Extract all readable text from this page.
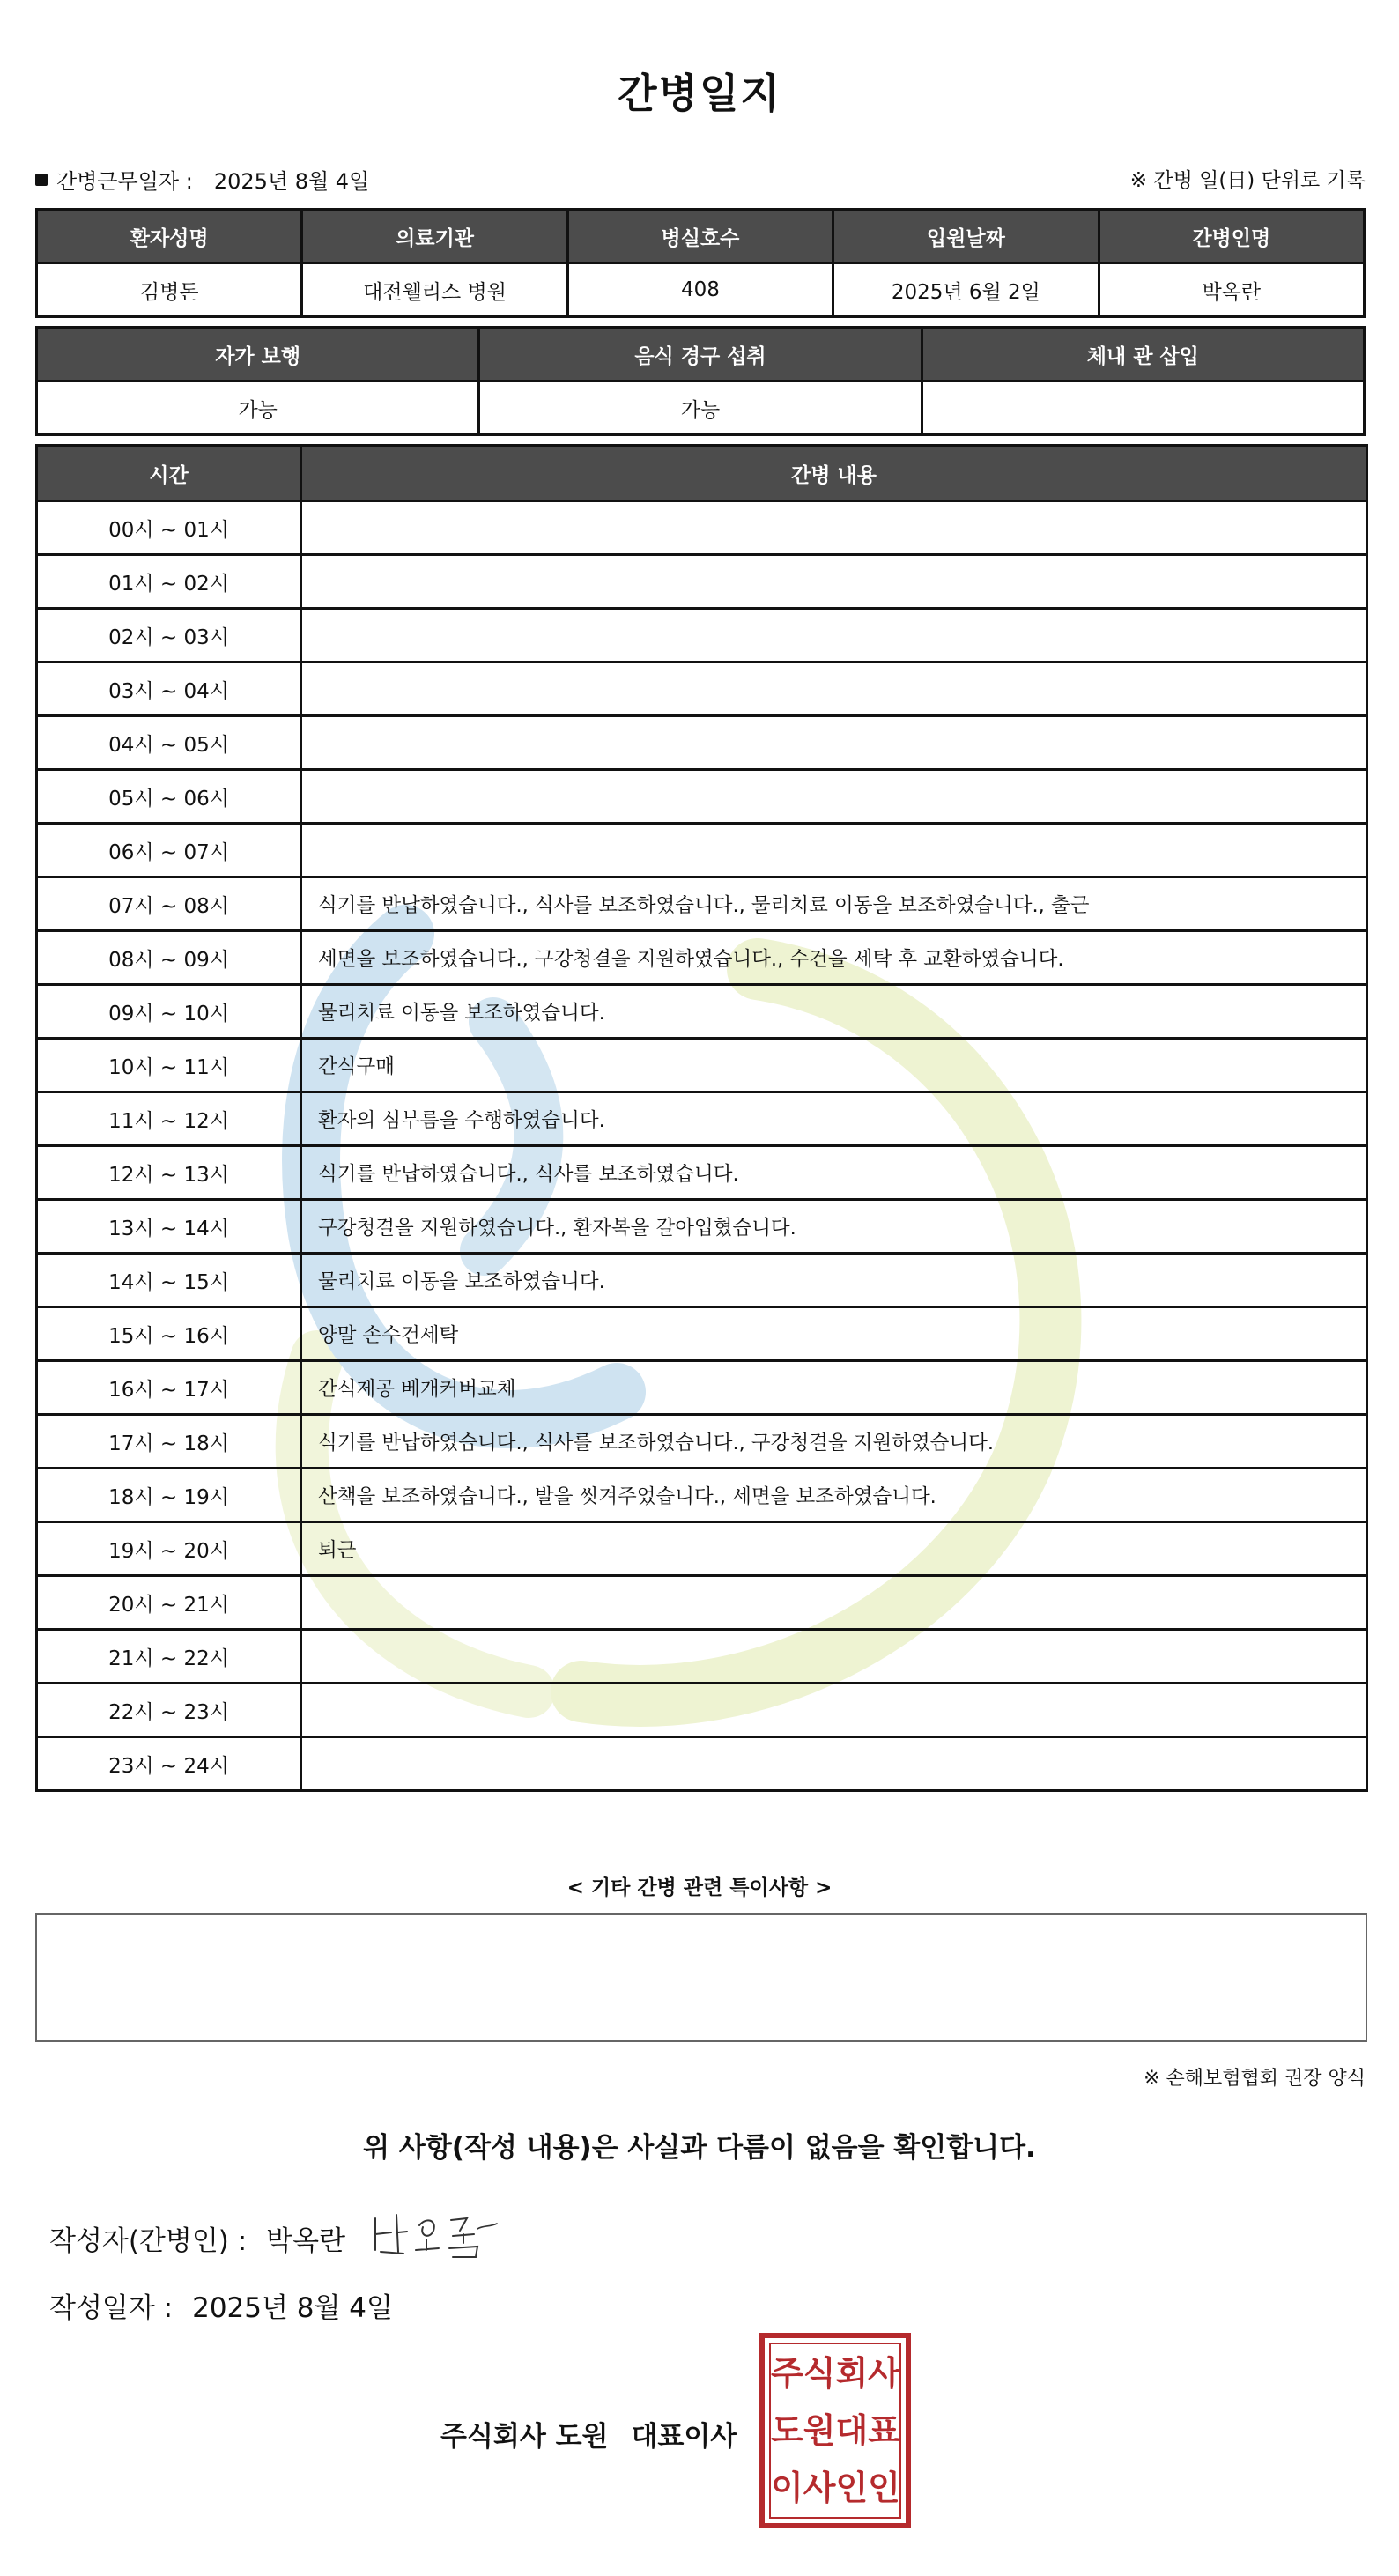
간병일지
간병근무일자 : 2025년 8월 4일	※ 간병 일(日) 단위로 기록
환자성명	의료기관	병실호수	입원날짜	간병인명
김병돈	대전웰리스 병원	408	2025년 6월 2일	박옥란
자가 보행	음식 경구 섭취	체내 관 삽입
가능	가능	
시간	간병 내용
00시 ~ 01시	
01시 ~ 02시	
02시 ~ 03시	
03시 ~ 04시	
04시 ~ 05시	
05시 ~ 06시	
06시 ~ 07시	
07시 ~ 08시	식기를 반납하였습니다., 식사를 보조하였습니다., 물리치료 이동을 보조하였습니다., 출근
08시 ~ 09시	세면을 보조하였습니다., 구강청결을 지원하였습니다., 수건을 세탁 후 교환하였습니다.
09시 ~ 10시	물리치료 이동을 보조하였습니다.
10시 ~ 11시	간식구매
11시 ~ 12시	환자의 심부름을 수행하였습니다.
12시 ~ 13시	식기를 반납하였습니다., 식사를 보조하였습니다.
13시 ~ 14시	구강청결을 지원하였습니다., 환자복을 갈아입혔습니다.
14시 ~ 15시	물리치료 이동을 보조하였습니다.
15시 ~ 16시	양말 손수건세탁
16시 ~ 17시	간식제공 베개커버교체
17시 ~ 18시	식기를 반납하였습니다., 식사를 보조하였습니다., 구강청결을 지원하였습니다.
18시 ~ 19시	산책을 보조하였습니다., 발을 씻겨주었습니다., 세면을 보조하였습니다.
19시 ~ 20시	퇴근
20시 ~ 21시	
21시 ~ 22시	
22시 ~ 23시	
23시 ~ 24시	
< 기타 간병 관련 특이사항 >
※ 손해보험협회 권장 양식
위 사항(작성 내용)은 사실과 다름이 없음을 확인합니다.
작성자(간병인) : 박옥란
작성일자 : 2025년 8월 4일
주식회사 도원 대표이사
주 식 회 사
도 원 대 표
이 사 인 인
